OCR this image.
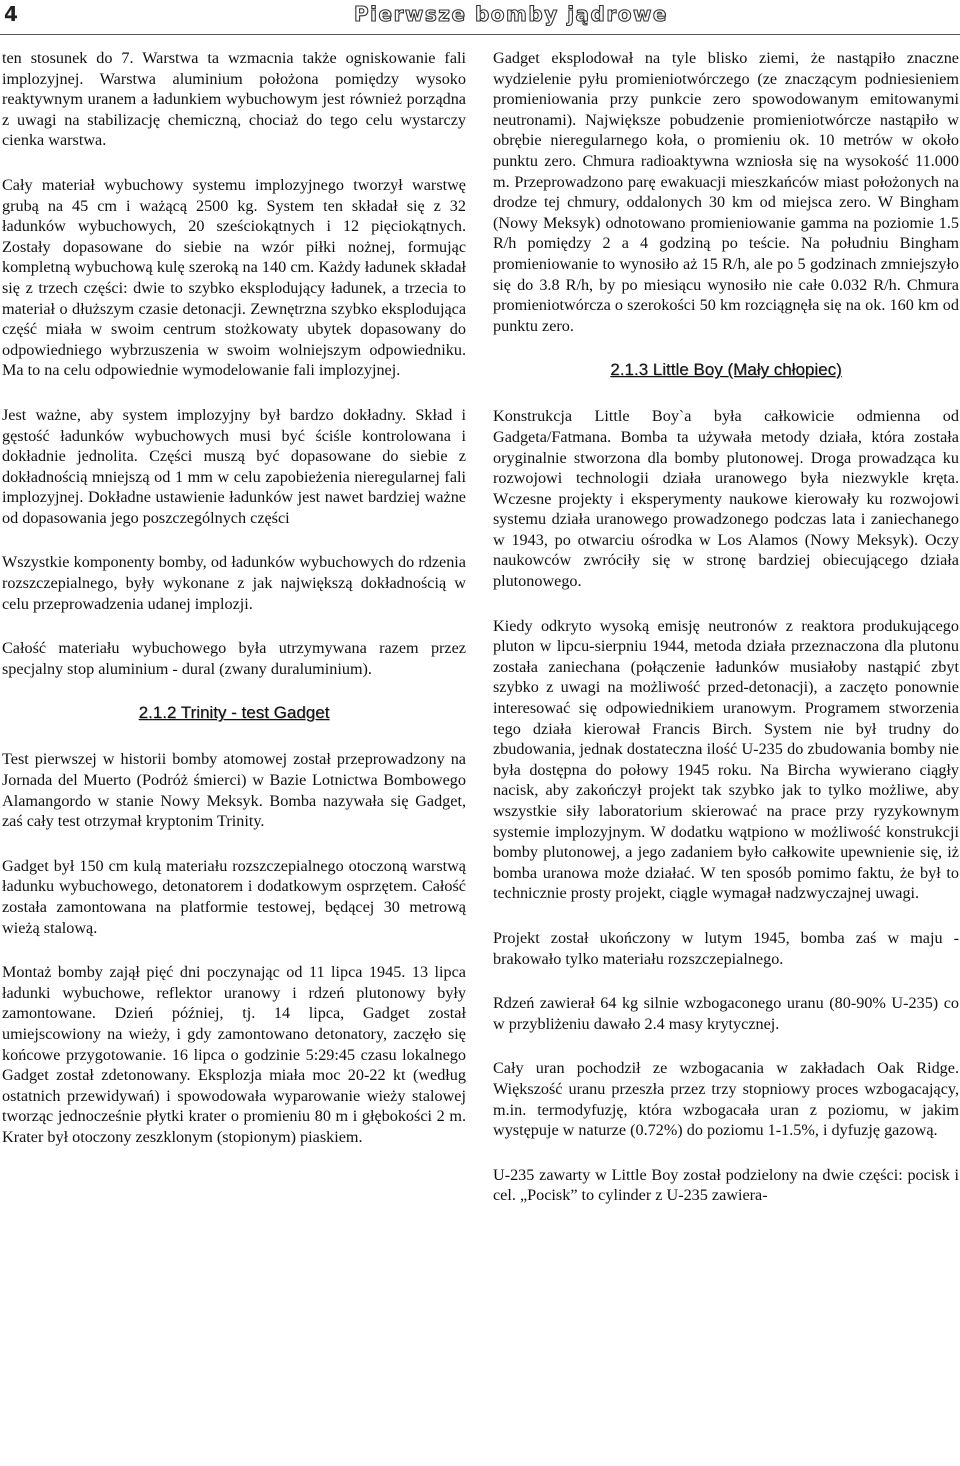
4	Pierwsze bomby jądrowe

ten stosunek do 7. Warstwa ta wzmacnia także ogniskowanie fali implozyjnej. Warstwa aluminium położona pomiędzy wysoko reaktywnym uranem a ładunkiem wybuchowym jest również porządna z uwagi na stabilizację chemiczną, chociaż do tego celu wystarczy cienka warstwa.

Cały materiał wybuchowy systemu implozyjnego tworzył warstwę grubą na 45 cm i ważącą 2500 kg. System ten składał się z 32 ładunków wybuchowych, 20 sześciokątnych i 12 pięciokątnych. Zostały dopasowane do siebie na wzór piłki nożnej, formując kompletną wybuchową kulę szeroką na 140 cm. Każdy ładunek składał się z trzech części: dwie to szybko eksplodujący ładunek, a trzecia to materiał o dłuższym czasie detonacji. Zewnętrzna szybko eksplodująca część miała w swoim centrum stożkowaty ubytek dopasowany do odpowiedniego wybrzuszenia w swoim wolniejszym odpowiedniku. Ma to na celu odpowiednie wymodelowanie fali implozyjnej.

Jest ważne, aby system implozyjny był bardzo dokładny. Skład i gęstość ładunków wybuchowych musi być ściśle kontrolowana i dokładnie jednolita. Części muszą być dopasowane do siebie z dokładnością mniejszą od 1 mm w celu zapobieżenia nieregularnej fali implozyjnej. Dokładne ustawienie ładunków jest nawet bardziej ważne od dopasowania jego poszczególnych części

Wszystkie komponenty bomby, od ładunków wybuchowych do rdzenia rozszczepialnego, były wykonane z jak największą dokładnością w celu przeprowadzenia udanej implozji.

Całość materiału wybuchowego była utrzymywana razem przez specjalny stop aluminium - dural (zwany duraluminium).

2.1.2 Trinity - test Gadget

Test pierwszej w historii bomby atomowej został przeprowadzony na Jornada del Muerto (Podróż śmierci) w Bazie Lotnictwa Bombowego Alamangordo w stanie Nowy Meksyk. Bomba nazywała się Gadget, zaś cały test otrzymał kryptonim Trinity.

Gadget był 150 cm kulą materiału rozszczepialnego otoczoną warstwą ładunku wybuchowego, detonatorem i dodatkowym osprzętem. Całość została zamontowana na platformie testowej, będącej 30 metrową wieżą stalową.

Montaż bomby zajął pięć dni poczynając od 11 lipca 1945. 13 lipca ładunki wybuchowe, reflektor uranowy i rdzeń plutonowy były zamontowane. Dzień później, tj. 14 lipca, Gadget został umiejscowiony na wieży, i gdy zamontowano detonatory, zaczęło się końcowe przygotowanie. 16 lipca o godzinie 5:29:45 czasu lokalnego Gadget został zdetonowany. Eksplozja miała moc 20-22 kt (według ostatnich przewidywań) i spowodowała wyparowanie wieży stalowej tworząc jednocześnie płytki krater o promieniu 80 m i głębokości 2 m. Krater był otoczony zeszklonym (stopionym) piaskiem.

Gadget eksplodował na tyle blisko ziemi, że nastąpiło znaczne wydzielenie pyłu promieniotwórczego (ze znaczącym podniesieniem promieniowania przy punkcie zero spowodowanym emitowanymi neutronami). Największe pobudzenie promieniotwórcze nastąpiło w obrębie nieregularnego koła, o promieniu ok. 10 metrów w około punktu zero. Chmura radioaktywna wzniosła się na wysokość 11.000 m. Przeprowadzono parę ewakuacji mieszkańców miast położonych na drodze tej chmury, oddalonych 30 km od miejsca zero. W Bingham (Nowy Meksyk) odnotowano promieniowanie gamma na poziomie 1.5 R/h pomiędzy 2 a 4 godziną po teście. Na południu Bingham promieniowanie to wynosiło aż 15 R/h, ale po 5 godzinach zmniejszyło się do 3.8 R/h, by po miesiącu wynosiło nie całe 0.032 R/h. Chmura promieniotwórcza o szerokości 50 km rozciągnęła się na ok. 160 km od punktu zero.

2.1.3 Little Boy (Mały chłopiec)

Konstrukcja Little Boy`a była całkowicie odmienna od Gadgeta/Fatmana. Bomba ta używała metody działa, która została oryginalnie stworzona dla bomby plutonowej. Droga prowadząca ku rozwojowi technologii działa uranowego była niezwykle kręta. Wczesne projekty i eksperymenty naukowe kierowały ku rozwojowi systemu działa uranowego prowadzonego podczas lata i zaniechanego w 1943, po otwarciu ośrodka w Los Alamos (Nowy Meksyk). Oczy naukowców zwróciły się w stronę bardziej obiecującego działa plutonowego.

Kiedy odkryto wysoką emisję neutronów z reaktora produkującego pluton w lipcu-sierpniu 1944, metoda działa przeznaczona dla plutonu została zaniechana (połączenie ładunków musiałoby nastąpić zbyt szybko z uwagi na możliwość przed-detonacji), a zaczęto ponownie interesować się odpowiednikiem uranowym. Programem stworzenia tego działa kierował Francis Birch. System nie był trudny do zbudowania, jednak dostateczna ilość U-235 do zbudowania bomby nie była dostępna do połowy 1945 roku. Na Bircha wywierano ciągły nacisk, aby zakończył projekt tak szybko jak to tylko możliwe, aby wszystkie siły laboratorium skierować na prace przy ryzykownym systemie implozyjnym. W dodatku wątpiono w możliwość konstrukcji bomby plutonowej, a jego zadaniem było całkowite upewnienie się, iż bomba uranowa może działać. W ten sposób pomimo faktu, że był to technicznie prosty projekt, ciągle wymagał nadzwyczajnej uwagi.

Projekt został ukończony w lutym 1945, bomba zaś w maju - brakowało tylko materiału rozszczepialnego.

Rdzeń zawierał 64 kg silnie wzbogaconego uranu (80-90% U-235) co w przybliżeniu dawało 2.4 masy krytycznej.

Cały uran pochodził ze wzbogacania w zakładach Oak Ridge. Większość uranu przeszła przez trzy stopniowy proces wzbogacający, m.in. termodyfuzję, która wzbogacała uran z poziomu, w jakim występuje w naturze (0.72%) do poziomu 1-1.5%, i dyfuzję gazową.

U-235 zawarty w Little Boy został podzielony na dwie części: pocisk i cel. „Pocisk” to cylinder z U-235 zawiera-
